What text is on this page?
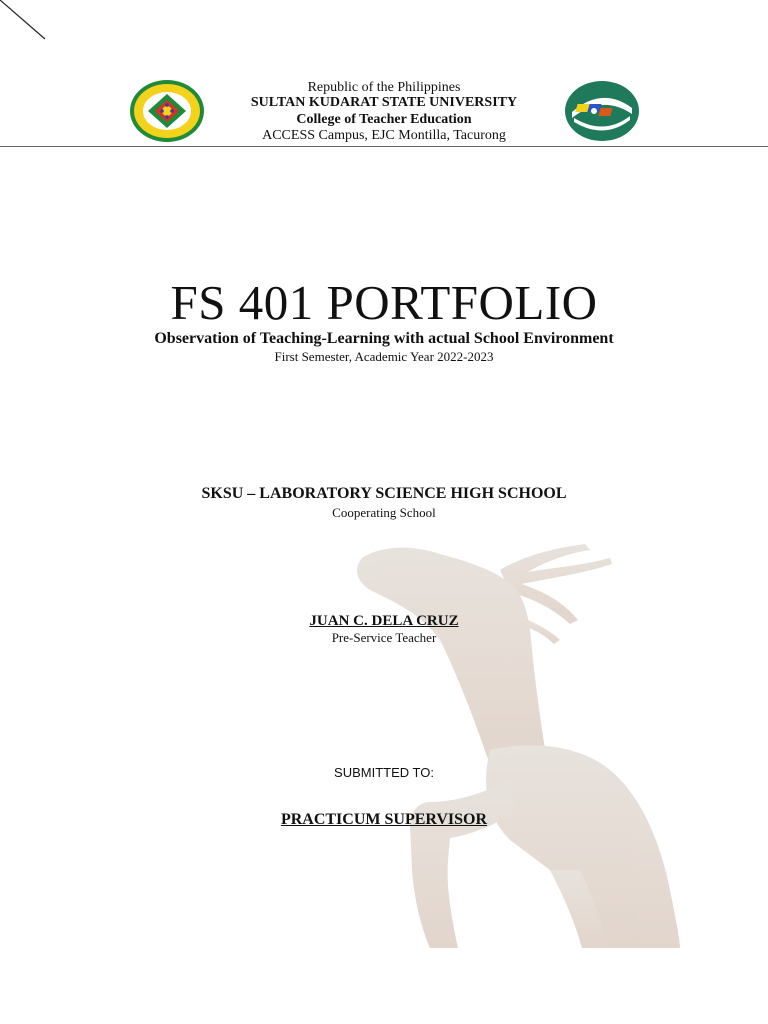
Republic of the Philippines
SULTAN KUDARAT STATE UNIVERSITY
College of Teacher Education
ACCESS Campus, EJC Montilla, Tacurong
FS 401 PORTFOLIO
Observation of Teaching-Learning with actual School Environment
First Semester, Academic Year 2022-2023
SKSU – LABORATORY SCIENCE HIGH SCHOOL
Cooperating School
JUAN C. DELA CRUZ
Pre-Service Teacher
SUBMITTED TO:
PRACTICUM SUPERVISOR
